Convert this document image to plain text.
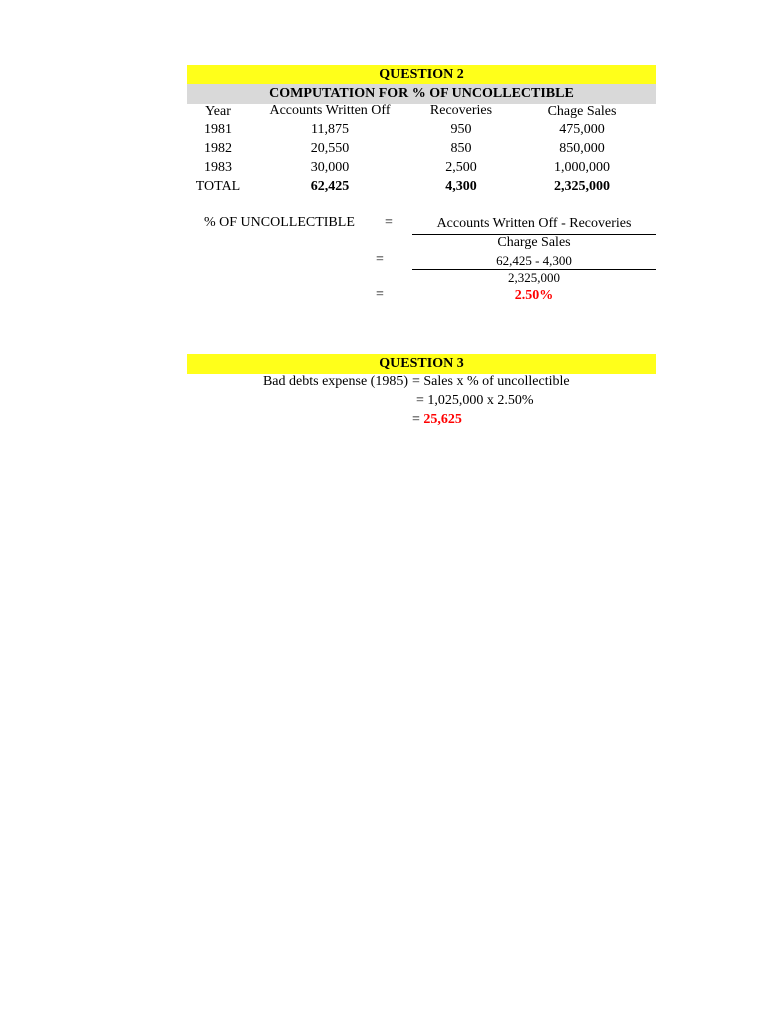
QUESTION 2
COMPUTATION FOR % OF UNCOLLECTIBLE
Year	Accounts Written Off	Recoveries	Chage Sales
1981	11,875	950	475,000
1982	20,550	850	850,000
1983	30,000	2,500	1,000,000
TOTAL	62,425	4,300	2,325,000
% OF UNCOLLECTIBLE =	Accounts Written Off - Recoveries
Charge Sales
=	62,425 - 4,300
2,325,000
=	2.50%
QUESTION 3
Bad debts expense (1985) = Sales x % of uncollectible
= 1,025,000 x 2.50%
= 25,625
